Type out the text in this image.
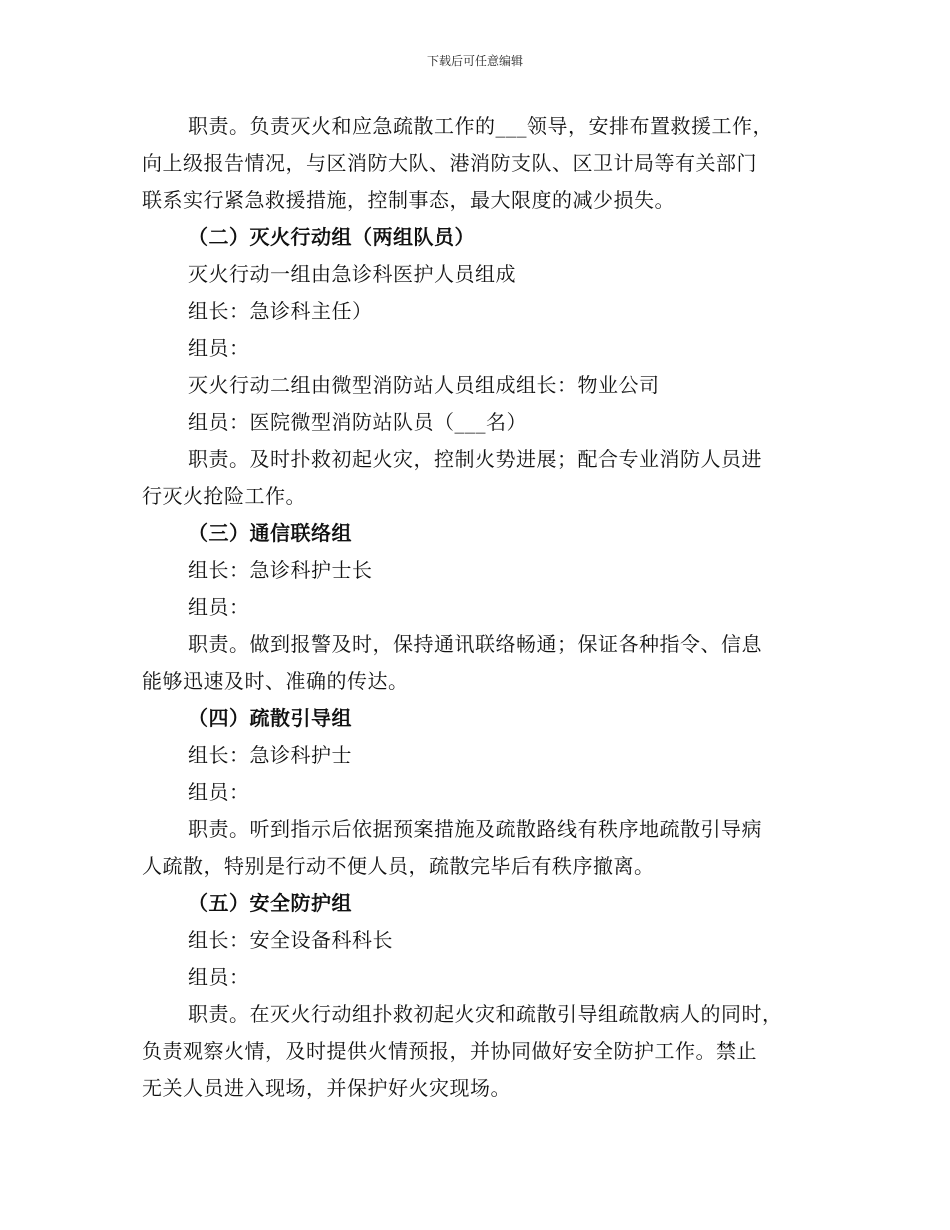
下载后可任意编辑
职责。负责灭火和应急疏散工作的___领导，安排布置救援工作，
向上级报告情况，与区消防大队、港消防支队、区卫计局等有关部门
联系实行紧急救援措施，控制事态，最大限度的减少损失。
（二）灭火行动组（两组队员）
灭火行动一组由急诊科医护人员组成
组长：急诊科主任）
组员：
灭火行动二组由微型消防站人员组成组长：物业公司
组员：医院微型消防站队员（___名）
职责。及时扑救初起火灾，控制火势进展；配合专业消防人员进
行灭火抢险工作。
（三）通信联络组
组长：急诊科护士长
组员：
职责。做到报警及时，保持通讯联络畅通；保证各种指令、信息
能够迅速及时、准确的传达。
（四）疏散引导组
组长：急诊科护士
组员：
职责。听到指示后依据预案措施及疏散路线有秩序地疏散引导病
人疏散，特别是行动不便人员，疏散完毕后有秩序撤离。
（五）安全防护组
组长：安全设备科科长
组员：
职责。在灭火行动组扑救初起火灾和疏散引导组疏散病人的同时，
负责观察火情，及时提供火情预报，并协同做好安全防护工作。禁止
无关人员进入现场，并保护好火灾现场。
